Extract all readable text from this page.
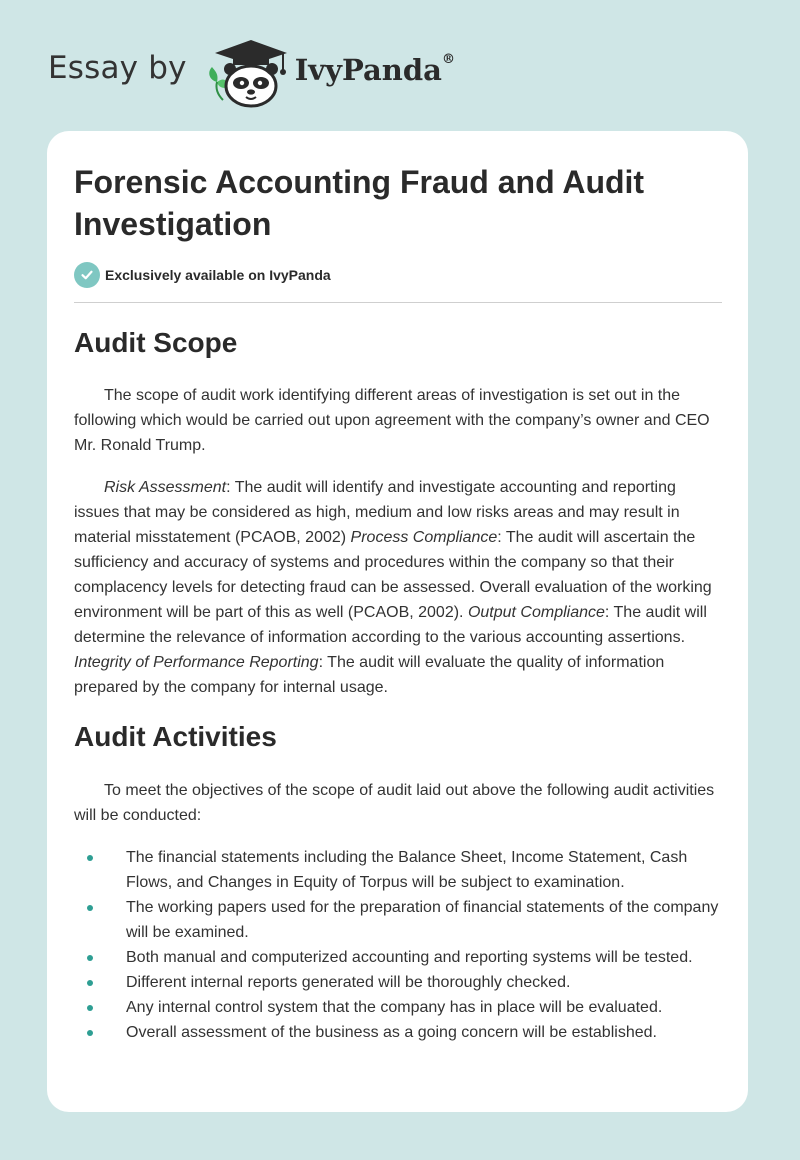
Essay by	IvyPanda®
Forensic Accounting Fraud and Audit Investigation
Exclusively available on IvyPanda
Audit Scope

The scope of audit work identifying different areas of investigation is set out in the following which would be carried out upon agreement with the company’s owner and CEO Mr. Ronald Trump.

Risk Assessment: The audit will identify and investigate accounting and reporting issues that may be considered as high, medium and low risks areas and may result in material misstatement (PCAOB, 2002) Process Compliance: The audit will ascertain the sufficiency and accuracy of systems and procedures within the company so that their complacency levels for detecting fraud can be assessed. Overall evaluation of the working environment will be part of this as well (PCAOB, 2002). Output Compliance: The audit will determine the relevance of information according to the various accounting assertions. Integrity of Performance Reporting: The audit will evaluate the quality of information prepared by the company for internal usage.

Audit Activities

To meet the objectives of the scope of audit laid out above the following audit activities will be conducted:

The financial statements including the Balance Sheet, Income Statement, Cash Flows, and Changes in Equity of Torpus will be subject to examination.
The working papers used for the preparation of financial statements of the company will be examined.
Both manual and computerized accounting and reporting systems will be tested.
Different internal reports generated will be thoroughly checked.
Any internal control system that the company has in place will be evaluated.
Overall assessment of the business as a going concern will be established.
